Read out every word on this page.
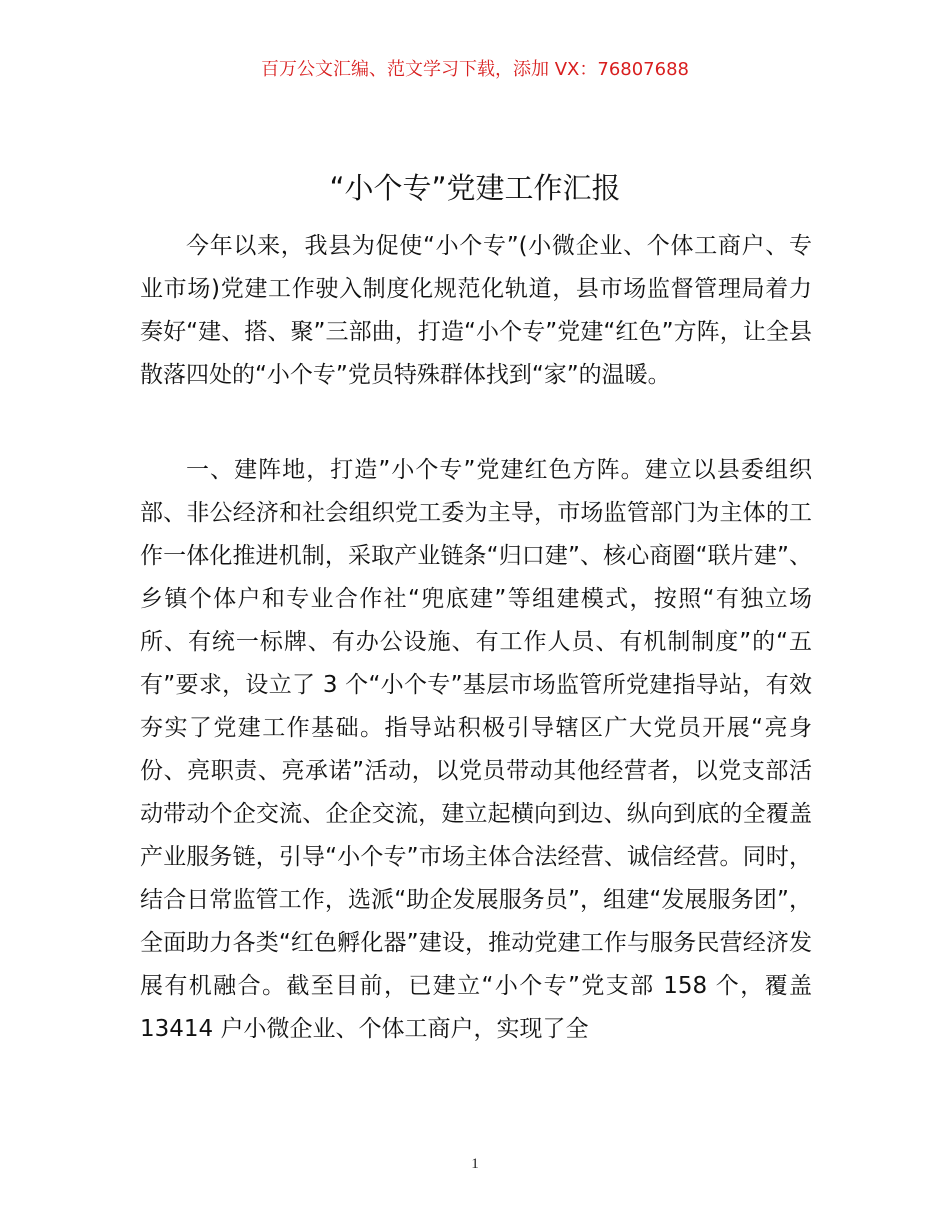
百万公文汇编、范文学习下载，添加 VX：76807688
“小个专”党建工作汇报

今年以来，我县为促使“小个专”(小微企业、个体工商户、专业市场)党建工作驶入制度化规范化轨道，县市场监督管理局着力奏好“建、搭、聚”三部曲，打造“小个专”党建“红色”方阵，让全县散落四处的“小个专”党员特殊群体找到“家”的温暖。

一、建阵地，打造”小个专”党建红色方阵。建立以县委组织部、非公经济和社会组织党工委为主导，市场监管部门为主体的工作一体化推进机制，采取产业链条“归口建”、核心商圈“联片建”、乡镇个体户和专业合作社“兜底建”等组建模式，按照“有独立场所、有统一标牌、有办公设施、有工作人员、有机制制度”的“五有”要求，设立了 3 个“小个专”基层市场监管所党建指导站，有效夯实了党建工作基础。指导站积极引导辖区广大党员开展“亮身份、亮职责、亮承诺”活动，以党员带动其他经营者，以党支部活动带动个企交流、企企交流，建立起横向到边、纵向到底的全覆盖产业服务链，引导“小个专”市场主体合法经营、诚信经营。同时，结合日常监管工作，选派“助企发展服务员”，组建“发展服务团”，全面助力各类“红色孵化器”建设，推动党建工作与服务民营经济发展有机融合。截至目前，已建立“小个专”党支部 158 个，覆盖 13414 户小微企业、个体工商户，实现了全

1
